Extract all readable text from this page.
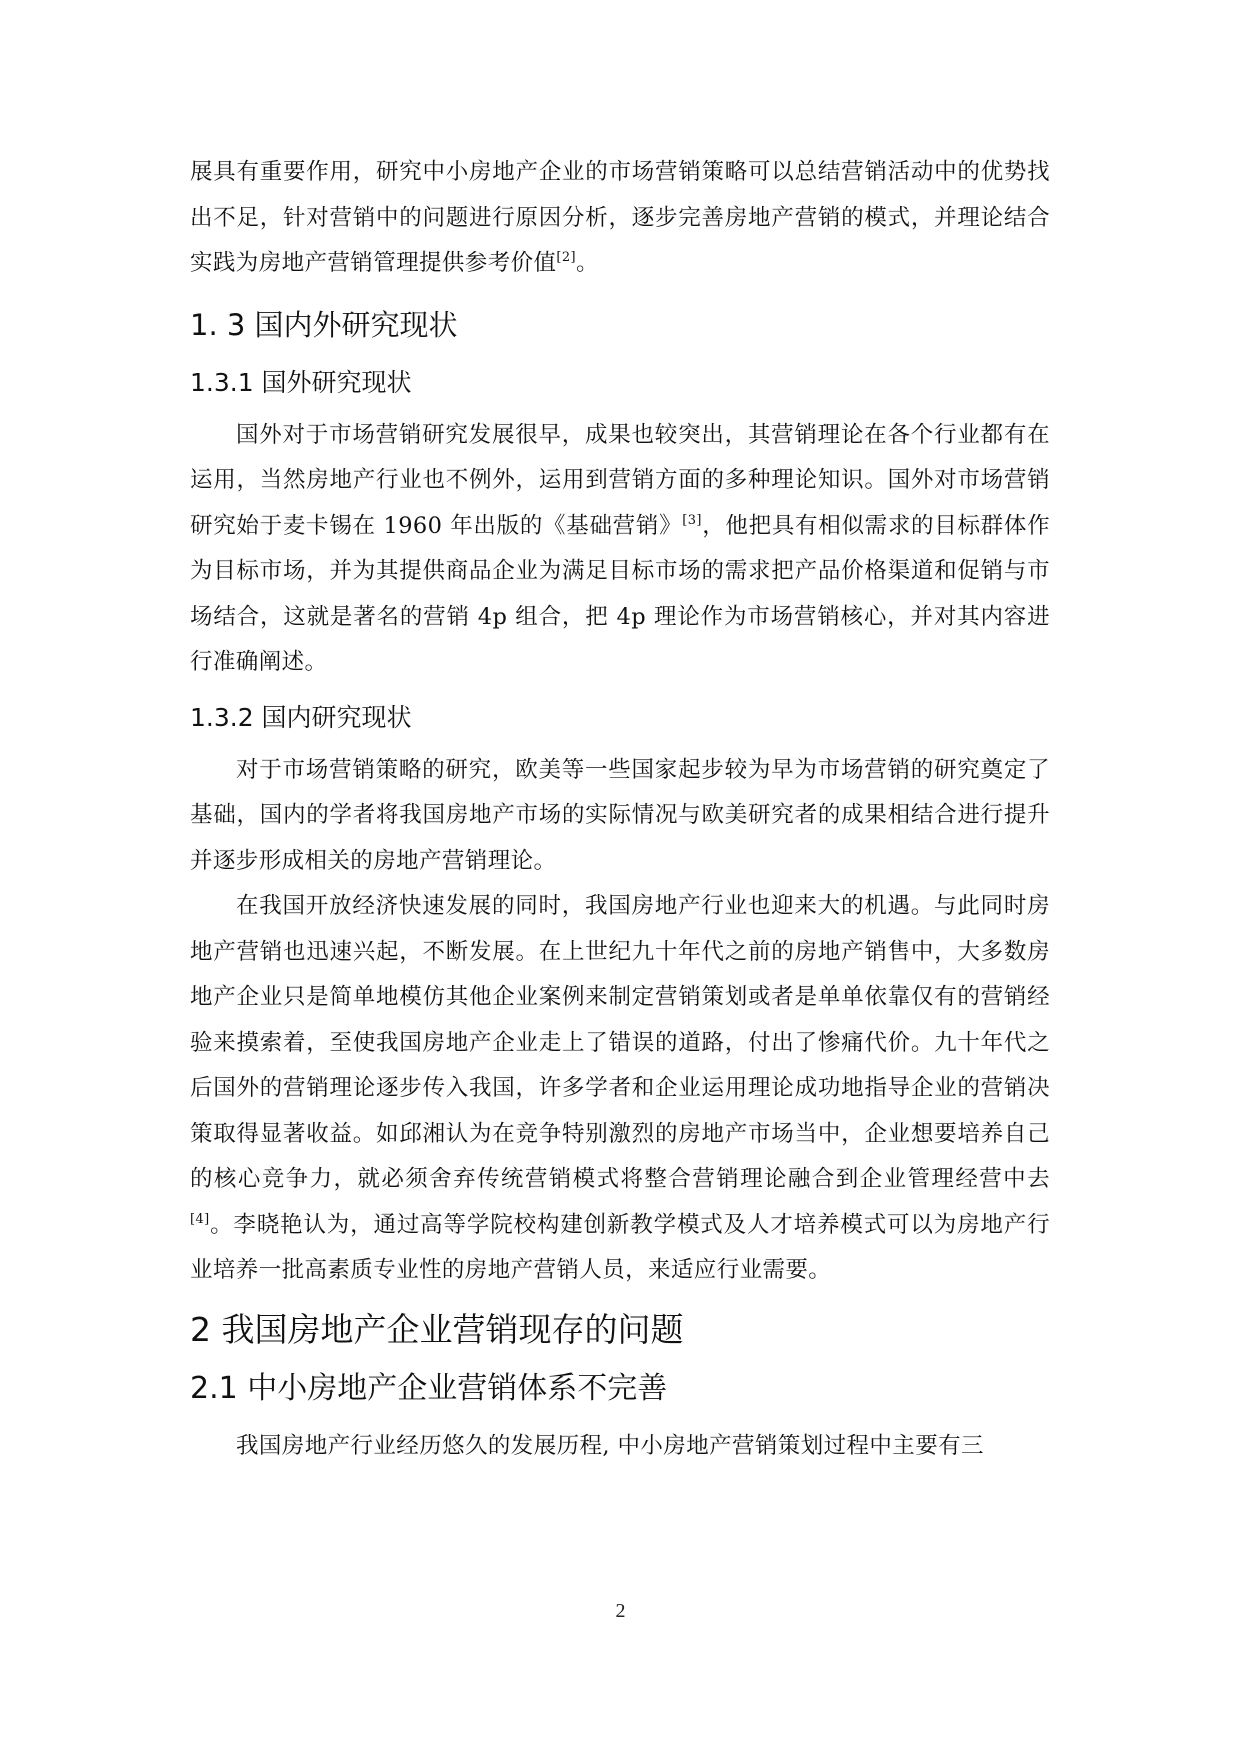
展具有重要作用，研究中小房地产企业的市场营销策略可以总结营销活动中的优势找出不足，针对营销中的问题进行原因分析，逐步完善房地产营销的模式，并理论结合实践为房地产营销管理提供参考价值[2]。

1. 3 国内外研究现状
1.3.1 国外研究现状

国外对于市场营销研究发展很早，成果也较突出，其营销理论在各个行业都有在运用，当然房地产行业也不例外，运用到营销方面的多种理论知识。国外对市场营销研究始于麦卡锡在 1960 年出版的《基础营销》[3]，他把具有相似需求的目标群体作为目标市场，并为其提供商品企业为满足目标市场的需求把产品价格渠道和促销与市场结合，这就是著名的营销 4p 组合，把 4p 理论作为市场营销核心，并对其内容进行准确阐述。

1.3.2 国内研究现状

对于市场营销策略的研究，欧美等一些国家起步较为早为市场营销的研究奠定了基础，国内的学者将我国房地产市场的实际情况与欧美研究者的成果相结合进行提升并逐步形成相关的房地产营销理论。

在我国开放经济快速发展的同时，我国房地产行业也迎来大的机遇。与此同时房地产营销也迅速兴起，不断发展。在上世纪九十年代之前的房地产销售中，大多数房地产企业只是简单地模仿其他企业案例来制定营销策划或者是单单依靠仅有的营销经验来摸索着，至使我国房地产企业走上了错误的道路，付出了惨痛代价。九十年代之后国外的营销理论逐步传入我国，许多学者和企业运用理论成功地指导企业的营销决策取得显著收益。如邱湘认为在竞争特别激烈的房地产市场当中，企业想要培养自己的核心竞争力，就必须舍弃传统营销模式将整合营销理论融合到企业管理经营中去[4]。李晓艳认为，通过高等学院校构建创新教学模式及人才培养模式可以为房地产行业培养一批高素质专业性的房地产营销人员，来适应行业需要。

2 我国房地产企业营销现存的问题
2.1 中小房地产企业营销体系不完善

我国房地产行业经历悠久的发展历程, 中小房地产营销策划过程中主要有三

2
